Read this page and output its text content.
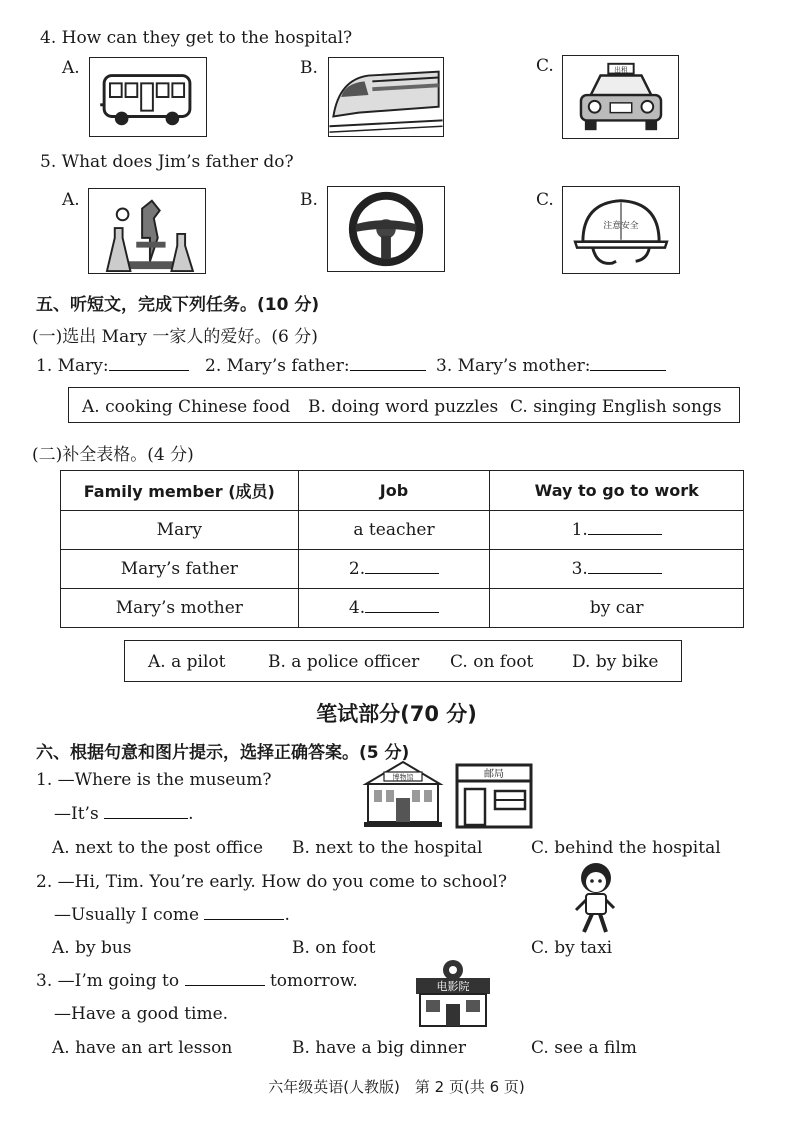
4. How can they get to the hospital?
A.	B.	C.	出租
5. What does Jim’s father do?
A.	B.	C.
注意安全
五、听短文，完成下列任务。(10 分)
(一)选出 Mary 一家人的爱好。(6 分)
1. Mary:	2. Mary’s father:	3. Mary’s mother:
A. cooking Chinese food B. doing word puzzles C. singing English songs
(二)补全表格。(4 分)
Family member (成员)	Job	Way to go to work
Mary	a teacher	1.
Mary’s father	2.	3.
Mary’s mother	4.	by car
A. a pilot	B. a police officer C. on foot D. by bike
笔试部分(70 分)
六、根据句意和图片提示，选择正确答案。(5 分)
1. —Where is the museum?
—It’s	.
博物馆	邮局
A. next to the post office B. next to the hospital	C. behind the hospital
2. —Hi, Tim. You’re early. How do you come to school?
—Usually I come	.
A. by bus	B. on foot	C. by taxi
3. —I’m going to	tomorrow.
—Have a good time.
电影院
A. have an art lesson	B. have a big dinner	C. see a film
六年级英语(人教版)　第 2 页(共 6 页)
